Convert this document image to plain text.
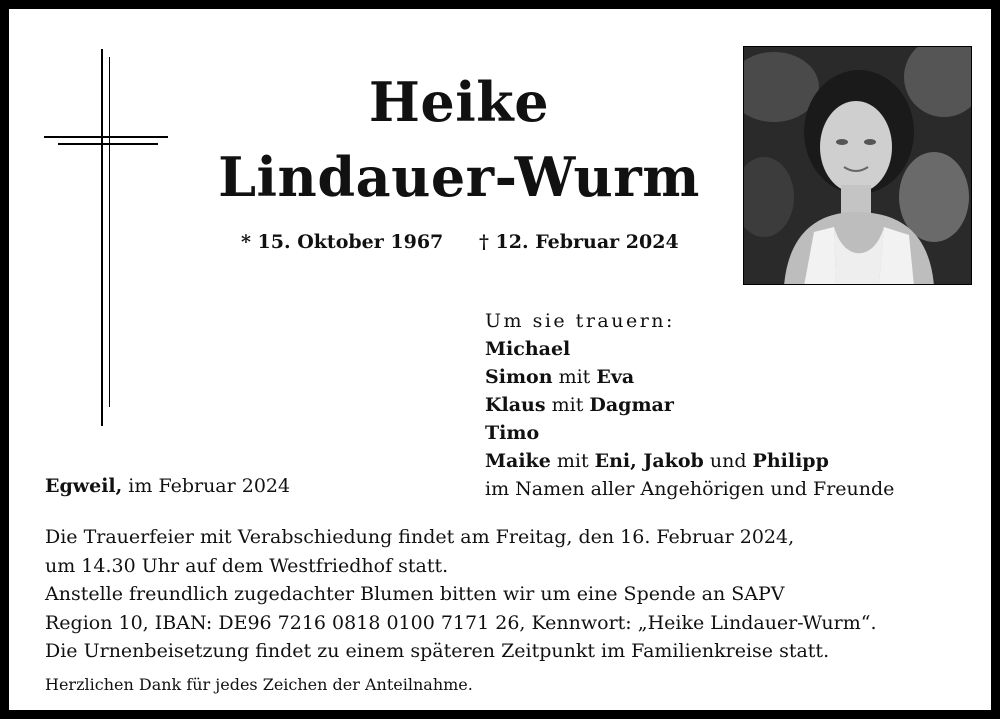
Heike
Lindauer-Wurm
* 15. Oktober 1967 † 12. Februar 2024
Um sie trauern:
Michael
Simon mit Eva
Klaus mit Dagmar
Timo
Maike mit Eni, Jakob und Philipp
im Namen aller Angehörigen und Freunde
Egweil, im Februar 2024
Die Trauerfeier mit Verabschiedung findet am Freitag, den 16. Februar 2024,
um 14.30 Uhr auf dem Westfriedhof statt.
Anstelle freundlich zugedachter Blumen bitten wir um eine Spende an SAPV
Region 10, IBAN: DE96 7216 0818 0100 7171 26, Kennwort: „Heike Lindauer-Wurm“.
Die Urnenbeisetzung findet zu einem späteren Zeitpunkt im Familienkreise statt.
Herzlichen Dank für jedes Zeichen der Anteilnahme.
